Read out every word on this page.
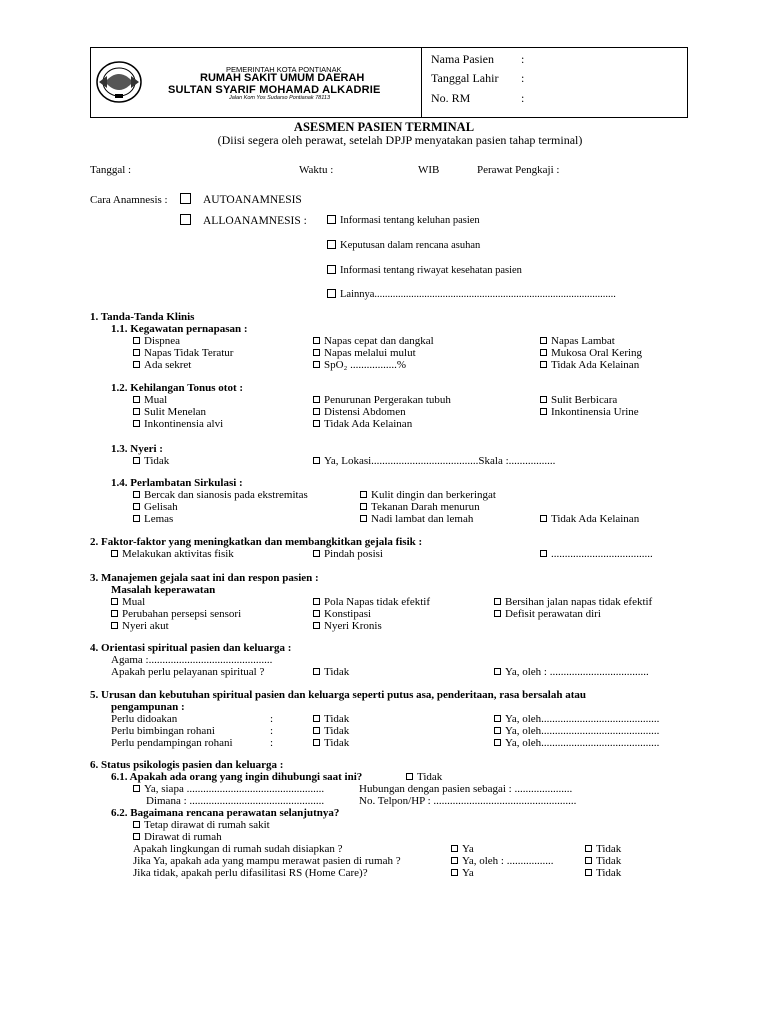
PEMERINTAH KOTA PONTIANAK
RUMAH SAKIT UMUM DAERAH
SULTAN SYARIF MOHAMAD ALKADRIE
Jalan Kom Yos Sudarso Pontianak 78113
Nama Pasien :
Tanggal Lahir :
No. RM	:
ASESMEN PASIEN TERMINAL
(Diisi segera oleh perawat, setelah DPJP menyatakan pasien tahap terminal)
Tanggal :	Waktu :	WIB	Perawat Pengkaji :
Cara Anamnesis :	AUTOANAMNESIS
ALLOANAMNESIS :	Informasi tentang keluhan pasien
Keputusan dalam rencana asuhan
Informasi tentang riwayat kesehatan pasien
Lainnya............................................................................................
1. Tanda-Tanda Klinis
1.1. Kegawatan pernapasan :
Dispnea	Napas cepat dan dangkal	Napas Lambat
Napas Tidak Teratur	Napas melalui mulut	Mukosa Oral Kering
Ada sekret	SpO₂ .................%	Tidak Ada Kelainan
1.2. Kehilangan Tonus otot :
Mual	Penurunan Pergerakan tubuh	Sulit Berbicara
Sulit Menelan	Distensi Abdomen	Inkontinensia Urine
Inkontinensia alvi	Tidak Ada Kelainan
1.3. Nyeri :
Tidak	Ya, Lokasi.......................................Skala :.................
1.4. Perlambatan Sirkulasi :
Bercak dan sianosis pada ekstremitas	Kulit dingin dan berkeringat
Gelisah	Tekanan Darah menurun
Lemas	Nadi lambat dan lemah	Tidak Ada Kelainan
2. Faktor-faktor yang meningkatkan dan membangkitkan gejala fisik :
Melakukan aktivitas fisik	Pindah posisi	.....................................
3. Manajemen gejala saat ini dan respon pasien :
Masalah keperawatan
Mual	Pola Napas tidak efektif	Bersihan jalan napas tidak efektif
Perubahan persepsi sensori	Konstipasi	Defisit perawatan diri
Nyeri akut	Nyeri Kronis
4. Orientasi spiritual pasien dan keluarga :
Agama :.............................................
Apakah perlu pelayanan spiritual ?	Tidak	Ya, oleh : ....................................
5. Urusan dan kebutuhan spiritual pasien dan keluarga seperti putus asa, penderitaan, rasa bersalah atau
pengampunan :
Perlu didoakan	:	Tidak	Ya, oleh...........................................
Perlu bimbingan rohani	:	Tidak	Ya, oleh...........................................
Perlu pendampingan rohani	:	Tidak	Ya, oleh...........................................
6. Status psikologis pasien dan keluarga :
6.1. Apakah ada orang yang ingin dihubungi saat ini?	Tidak
Ya, siapa ..................................................	Hubungan dengan pasien sebagai : .....................
Dimana : .................................................	No. Telpon/HP : ....................................................
6.2. Bagaimana rencana perawatan selanjutnya?
Tetap dirawat di rumah sakit
Dirawat di rumah
Apakah lingkungan di rumah sudah disiapkan ?	Ya	Tidak
Jika Ya, apakah ada yang mampu merawat pasien di rumah ?	Ya, oleh : .................	Tidak
Jika tidak, apakah perlu difasilitasi RS (Home Care)?	Ya	Tidak
